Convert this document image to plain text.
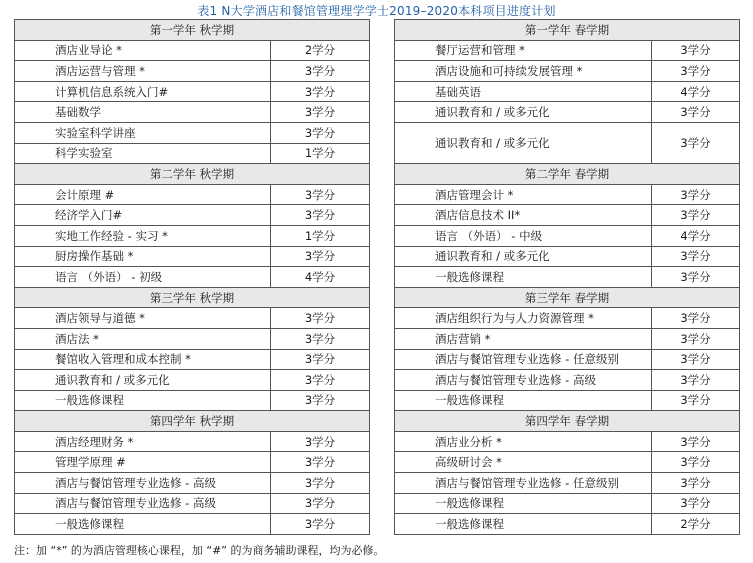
表1 N大学酒店和餐馆管理理学学士2019–2020本科项目进度计划
第一学年 秋学期	
酒店业导论 *	2学分
酒店运营与管理 *	3学分
计算机信息系统入门#	3学分
基础数学	3学分
实验室科学讲座	3学分
科学实验室	1学分
第二学年 秋学期	
会计原理 #	3学分
经济学入门#	3学分
实地工作经验 - 实习 *	1学分
厨房操作基础 *	3学分
语言 （外语） - 初级	4学分
第三学年 秋学期	
酒店领导与道德 *	3学分
酒店法 *	3学分
餐馆收入管理和成本控制 *	3学分
通识教育和 / 或多元化	3学分
一般选修课程	3学分
第四学年 秋学期	
酒店经理财务 *	3学分
管理学原理 #	3学分
酒店与餐馆管理专业选修 - 高级	3学分
酒店与餐馆管理专业选修 - 高级	3学分
一般选修课程	3学分
第一学年 春学期	
餐厅运营和管理 *	3学分
酒店设施和可持续发展管理 *	3学分
基础英语	4学分
通识教育和 / 或多元化	3学分
通识教育和 / 或多元化	3学分
第二学年 春学期	
酒店管理会计 *	3学分
酒店信息技术 II*	3学分
语言 （外语） - 中级	4学分
通识教育和 / 或多元化	3学分
一般选修课程	3学分
第三学年 春学期	
酒店组织行为与人力资源管理 *	3学分
酒店营销 *	3学分
酒店与餐馆管理专业选修 - 任意级别	3学分
酒店与餐馆管理专业选修 - 高级	3学分
一般选修课程	3学分
第四学年 春学期	
酒店业分析 *	3学分
高级研讨会 *	3学分
酒店与餐馆管理专业选修 - 任意级别	3学分
一般选修课程	3学分
一般选修课程	2学分
注：加 “*” 的为酒店管理核心课程，加 “#” 的为商务辅助课程，均为必修。
